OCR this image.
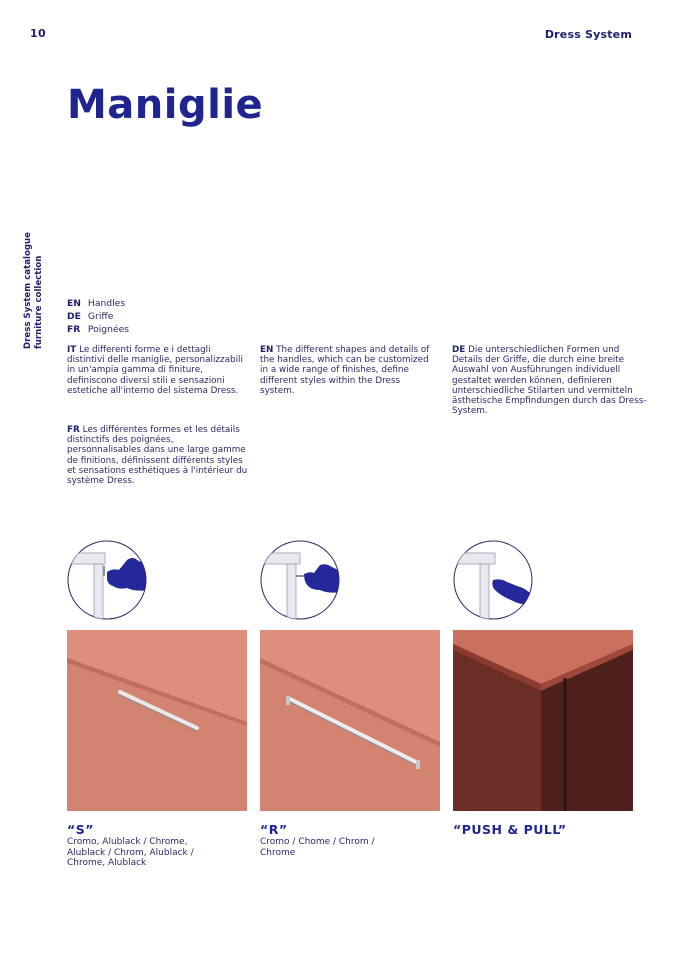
10	Dress System
Dress System catalogue furniture collection
Maniglie
EN Handles
DE Griffe
FR Poignées
IT Le differenti forme e i dettagli distintivi delle maniglie, personalizzabili in un'ampia gamma di finiture, definiscono diversi stili e sensazioni estetiche all'interno del sistema Dress.
FR Les différentes formes et les détails distinctifs des poignées, personnalisables dans une large gamme de finitions, définissent différents styles et sensations esthétiques à l'intérieur du système Dress.
EN The different shapes and details of the handles, which can be customized in a wide range of finishes, define different styles within the Dress system.
DE Die unterschiedlichen Formen und Details der Griffe, die durch eine breite Auswahl von Ausführungen individuell gestaltet werden können, definieren unterschiedliche Stilarten und vermitteln ästhetische Empfindungen durch das Dress-System.
“S”
Cromo, Alublack / Chrome, Alublack / Chrom, Alublack / Chrome, Alublack
“R”
Cromo / Chome / Chrom / Chrome
“PUSH & PULL”
